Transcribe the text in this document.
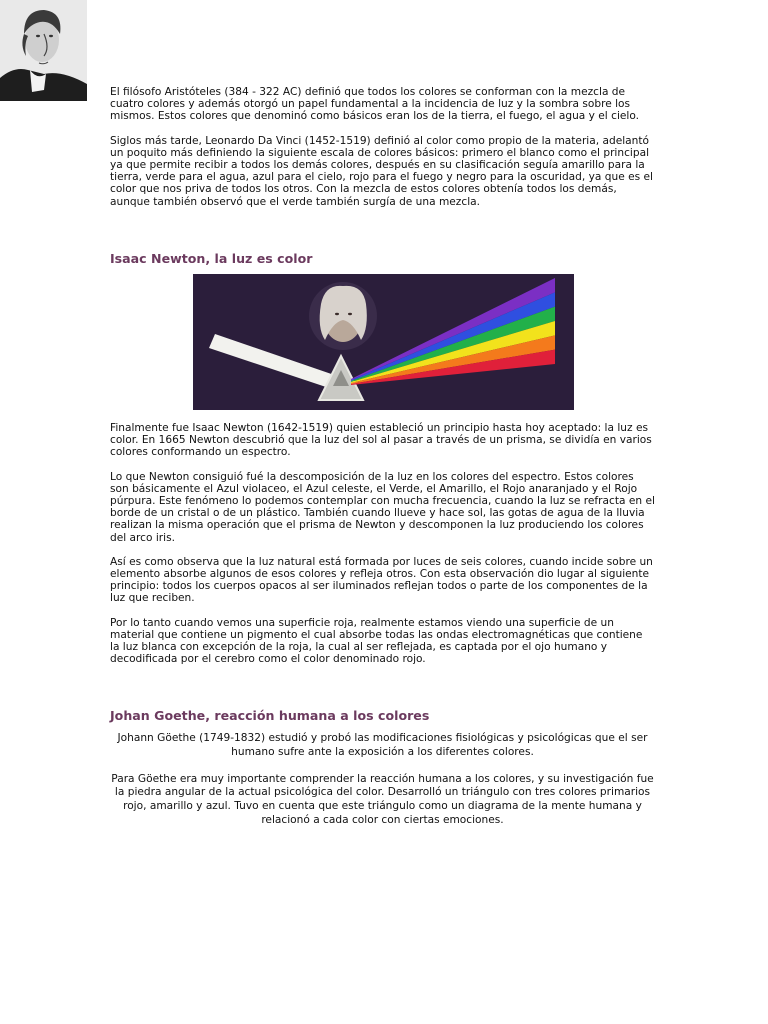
El filósofo Aristóteles (384 - 322 AC) definió que todos los colores se conforman con la mezcla de cuatro colores y además otorgó un papel fundamental a la incidencia de luz y la sombra sobre los mismos. Estos colores que denominó como básicos eran los de la tierra, el fuego, el agua y el cielo.

Siglos más tarde, Leonardo Da Vinci (1452-1519) definió al color como propio de la materia, adelantó un poquito más definiendo la siguiente escala de colores básicos: primero el blanco como el principal ya que permite recibir a todos los demás colores, después en su clasificación seguía amarillo para la tierra, verde para el agua, azul para el cielo, rojo para el fuego y negro para la oscuridad, ya que es el color que nos priva de todos los otros. Con la mezcla de estos colores obtenía todos los demás, aunque también observó que el verde también surgía de una mezcla.

Isaac Newton, la luz es color

Finalmente fue Isaac Newton (1642-1519) quien estableció un principio hasta hoy aceptado: la luz es color. En 1665 Newton descubrió que la luz del sol al pasar a través de un prisma, se dividía en varios colores conformando un espectro.

Lo que Newton consiguió fué la descomposición de la luz en los colores del espectro. Estos colores son básicamente el Azul violaceo, el Azul celeste, el Verde, el Amarillo, el Rojo anaranjado y el Rojo púrpura. Este fenómeno lo podemos contemplar con mucha frecuencia, cuando la luz se refracta en el borde de un cristal o de un plástico. También cuando llueve y hace sol, las gotas de agua de la lluvia realizan la misma operación que el prisma de Newton y descomponen la luz produciendo los colores del arco iris.

Así es como observa que la luz natural está formada por luces de seis colores, cuando incide sobre un elemento absorbe algunos de esos colores y refleja otros. Con esta observación dio lugar al siguiente principio: todos los cuerpos opacos al ser iluminados reflejan todos o parte de los componentes de la luz que reciben.

Por lo tanto cuando vemos una superficie roja, realmente estamos viendo una superficie de un material que contiene un pigmento el cual absorbe todas las ondas electromagnéticas que contiene la luz blanca con excepción de la roja, la cual al ser reflejada, es captada por el ojo humano y decodificada por el cerebro como el color denominado rojo.

Johan Goethe, reacción humana a los colores

Johann Göethe (1749-1832) estudió y probó las modificaciones fisiológicas y psicológicas que el ser humano sufre ante la exposición a los diferentes colores.

Para Göethe era muy importante comprender la reacción humana a los colores, y su investigación fue la piedra angular de la actual psicológica del color. Desarrolló un triángulo con tres colores primarios rojo, amarillo y azul. Tuvo en cuenta que este triángulo como un diagrama de la mente humana y relacionó a cada color con ciertas emociones.
